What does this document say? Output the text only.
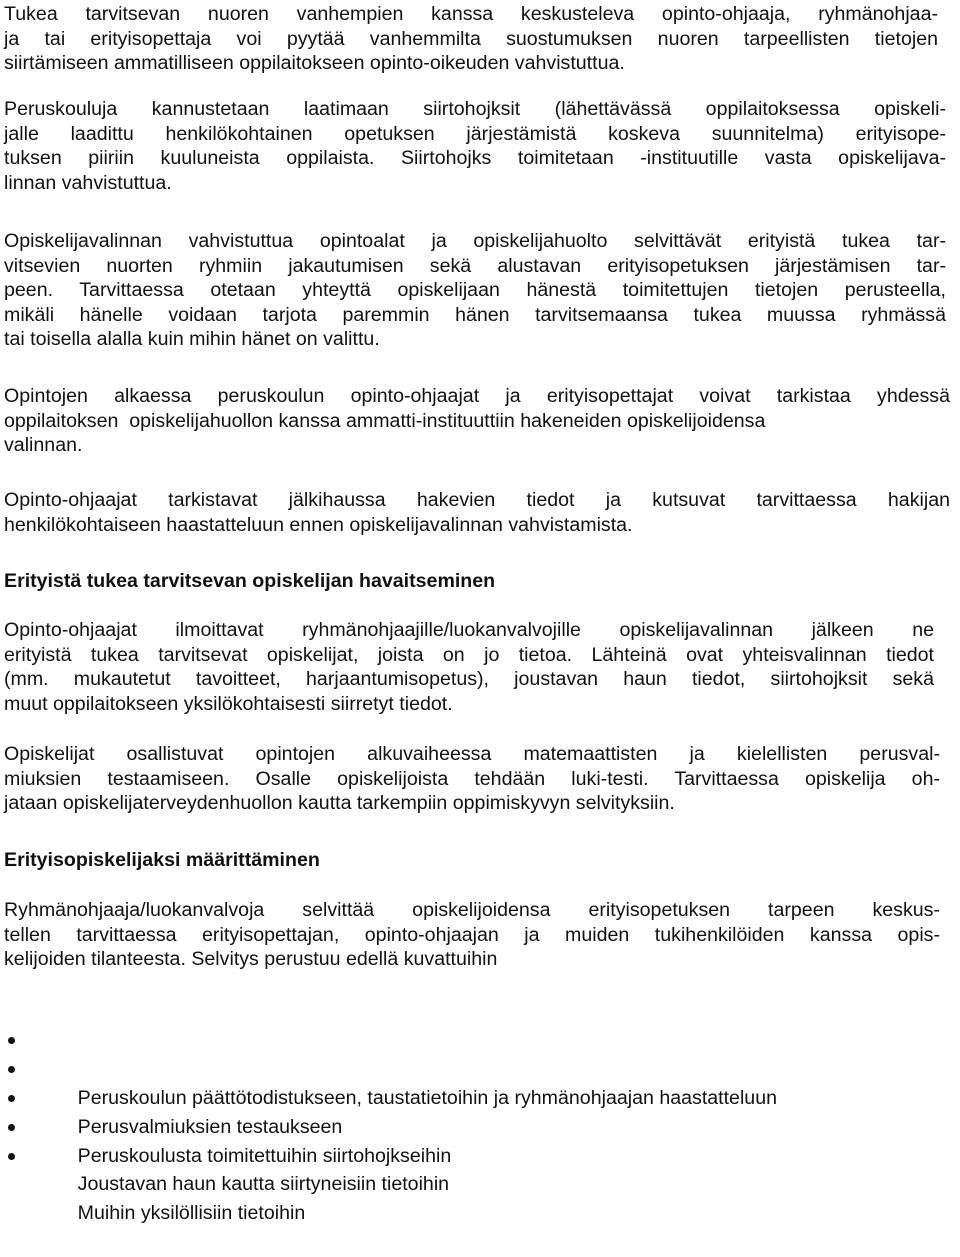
Tukea tarvitsevan nuoren vanhempien kanssa keskusteleva opinto-ohjaaja, ryhmänohjaa-
ja tai erityisopettaja voi pyytää vanhemmilta suostumuksen nuoren tarpeellisten tietojen
siirtämiseen ammatilliseen oppilaitokseen opinto-oikeuden vahvistuttua.

Peruskouluja kannustetaan laatimaan siirtohojksit (lähettävässä oppilaitoksessa opiskeli-
jalle laadittu henkilökohtainen opetuksen järjestämistä koskeva suunnitelma) erityisope-
tuksen piiriin kuuluneista oppilaista. Siirtohojks toimitetaan -instituutille vasta opiskelijava-
linnan vahvistuttua.

Opiskelijavalinnan vahvistuttua opintoalat ja opiskelijahuolto selvittävät erityistä tukea tar-
vitsevien nuorten ryhmiin jakautumisen sekä alustavan erityisopetuksen järjestämisen tar-
peen. Tarvittaessa otetaan yhteyttä opiskelijaan hänestä toimitettujen tietojen perusteella,
mikäli hänelle voidaan tarjota paremmin hänen tarvitsemaansa tukea muussa ryhmässä
tai toisella alalla kuin mihin hänet on valittu.

Opintojen alkaessa peruskoulun opinto-ohjaajat ja erityisopettajat voivat tarkistaa yhdessä
oppilaitoksen  opiskelijahuollon kanssa ammatti-instituuttiin hakeneiden opiskelijoidensa
valinnan.

Opinto-ohjaajat tarkistavat jälkihaussa hakevien tiedot ja kutsuvat tarvittaessa hakijan
henkilökohtaiseen haastatteluun ennen opiskelijavalinnan vahvistamista.

Erityistä tukea tarvitsevan opiskelijan havaitseminen

Opinto-ohjaajat ilmoittavat ryhmänohjaajille/luokanvalvojille opiskelijavalinnan jälkeen ne
erityistä tukea tarvitsevat opiskelijat, joista on jo tietoa. Lähteinä ovat yhteisvalinnan tiedot
(mm. mukautetut tavoitteet, harjaantumisopetus), joustavan haun tiedot, siirtohojksit sekä
muut oppilaitokseen yksilökohtaisesti siirretyt tiedot.

Opiskelijat osallistuvat opintojen alkuvaiheessa matemaattisten ja kielellisten perusval-
miuksien testaamiseen. Osalle opiskelijoista tehdään luki-testi. Tarvittaessa opiskelija oh-
jataan opiskelijaterveydenhuollon kautta tarkempiin oppimiskyvyn selvityksiin.

Erityisopiskelijaksi määrittäminen

Ryhmänohjaaja/luokanvalvoja selvittää opiskelijoidensa erityisopetuksen tarpeen keskus-
tellen tarvittaessa erityisopettajan, opinto-ohjaajan ja muiden tukihenkilöiden kanssa opis-
kelijoiden tilanteesta. Selvitys perustuu edellä kuvattuihin

Peruskoulun päättötodistukseen, taustatietoihin ja ryhmänohjaajan haastatteluun

Perusvalmiuksien testaukseen

Peruskoulusta toimitettuihin siirtohojkseihin

Joustavan haun kautta siirtyneisiin tietoihin

Muihin yksilöllisiin tietoihin
